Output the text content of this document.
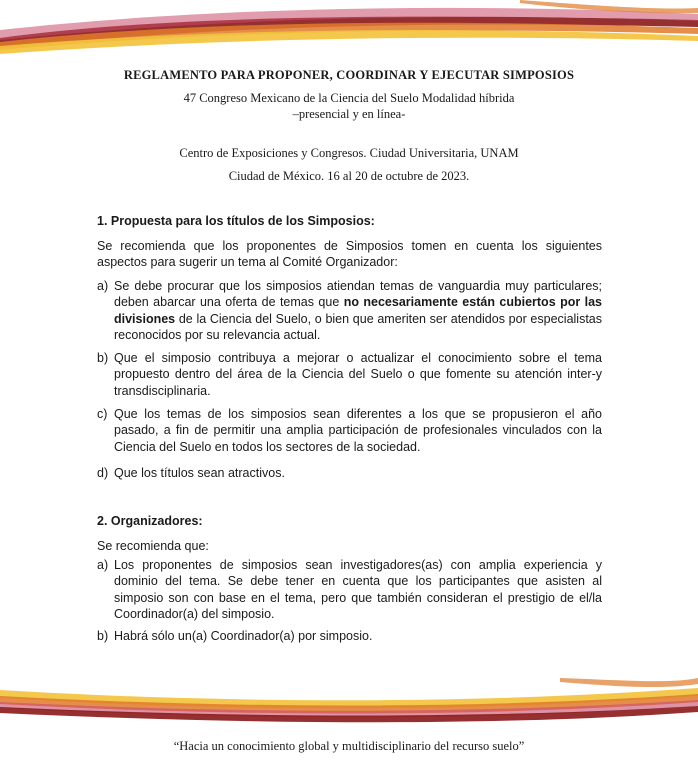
REGLAMENTO PARA PROPONER, COORDINAR Y EJECUTAR SIMPOSIOS
47 Congreso Mexicano de la Ciencia del Suelo Modalidad híbrida
–presencial y en línea-
Centro de Exposiciones y Congresos. Ciudad Universitaria, UNAM
Ciudad de México. 16 al 20 de octubre de 2023.
1. Propuesta para los títulos de los Simposios:
Se recomienda que los proponentes de Simposios tomen en cuenta los siguientes aspectos para sugerir un tema al Comité Organizador:
a) Se debe procurar que los simposios atiendan temas de vanguardia muy particulares; deben abarcar una oferta de temas que no necesariamente están cubiertos por las divisiones de la Ciencia del Suelo, o bien que ameriten ser atendidos por especialistas reconocidos por su relevancia actual.
b) Que el simposio contribuya a mejorar o actualizar el conocimiento sobre el tema propuesto dentro del área de la Ciencia del Suelo o que fomente su atención inter-y transdisciplinaria.
c) Que los temas de los simposios sean diferentes a los que se propusieron el año pasado, a fin de permitir una amplia participación de profesionales vinculados con la Ciencia del Suelo en todos los sectores de la sociedad.
d) Que los títulos sean atractivos.
2. Organizadores:
Se recomienda que:
a) Los proponentes de simposios sean investigadores(as) con amplia experiencia y dominio del tema. Se debe tener en cuenta que los participantes que asisten al simposio son con base en el tema, pero que también consideran el prestigio de el/la Coordinador(a) del simposio.
b) Habrá sólo un(a) Coordinador(a) por simposio.
“Hacia un conocimiento global y multidisciplinario del recurso suelo”
